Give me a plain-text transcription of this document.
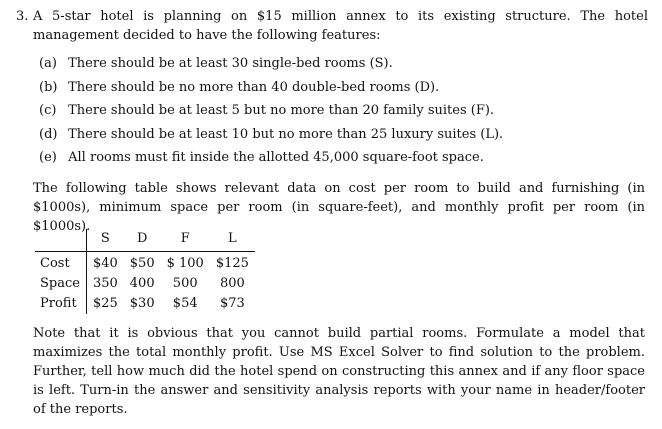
3. A 5-star hotel is planning on $15 million annex to its existing structure. The hotel management decided to have the following features:
(a) There should be at least 30 single-bed rooms (S).
(b) There should be no more than 40 double-bed rooms (D).
(c) There should be at least 5 but no more than 20 family suites (F).
(d) There should be at least 10 but no more than 25 luxury suites (L).
(e) All rooms must fit inside the allotted 45,000 square-foot space.
The following table shows relevant data on cost per room to build and furnishing (in $1000s), minimum space per room (in square-feet), and monthly profit per room (in $1000s).
	S	D	F	L
Cost	$40	$50	$ 100	$125
Space	350	400	500	800
Profit	$25	$30	$54	$73
Note that it is obvious that you cannot build partial rooms. Formulate a model that maximizes the total monthly profit. Use MS Excel Solver to find solution to the problem. Further, tell how much did the hotel spend on constructing this annex and if any floor space is left. Turn-in the answer and sensitivity analysis reports with your name in header/footer of the reports.
